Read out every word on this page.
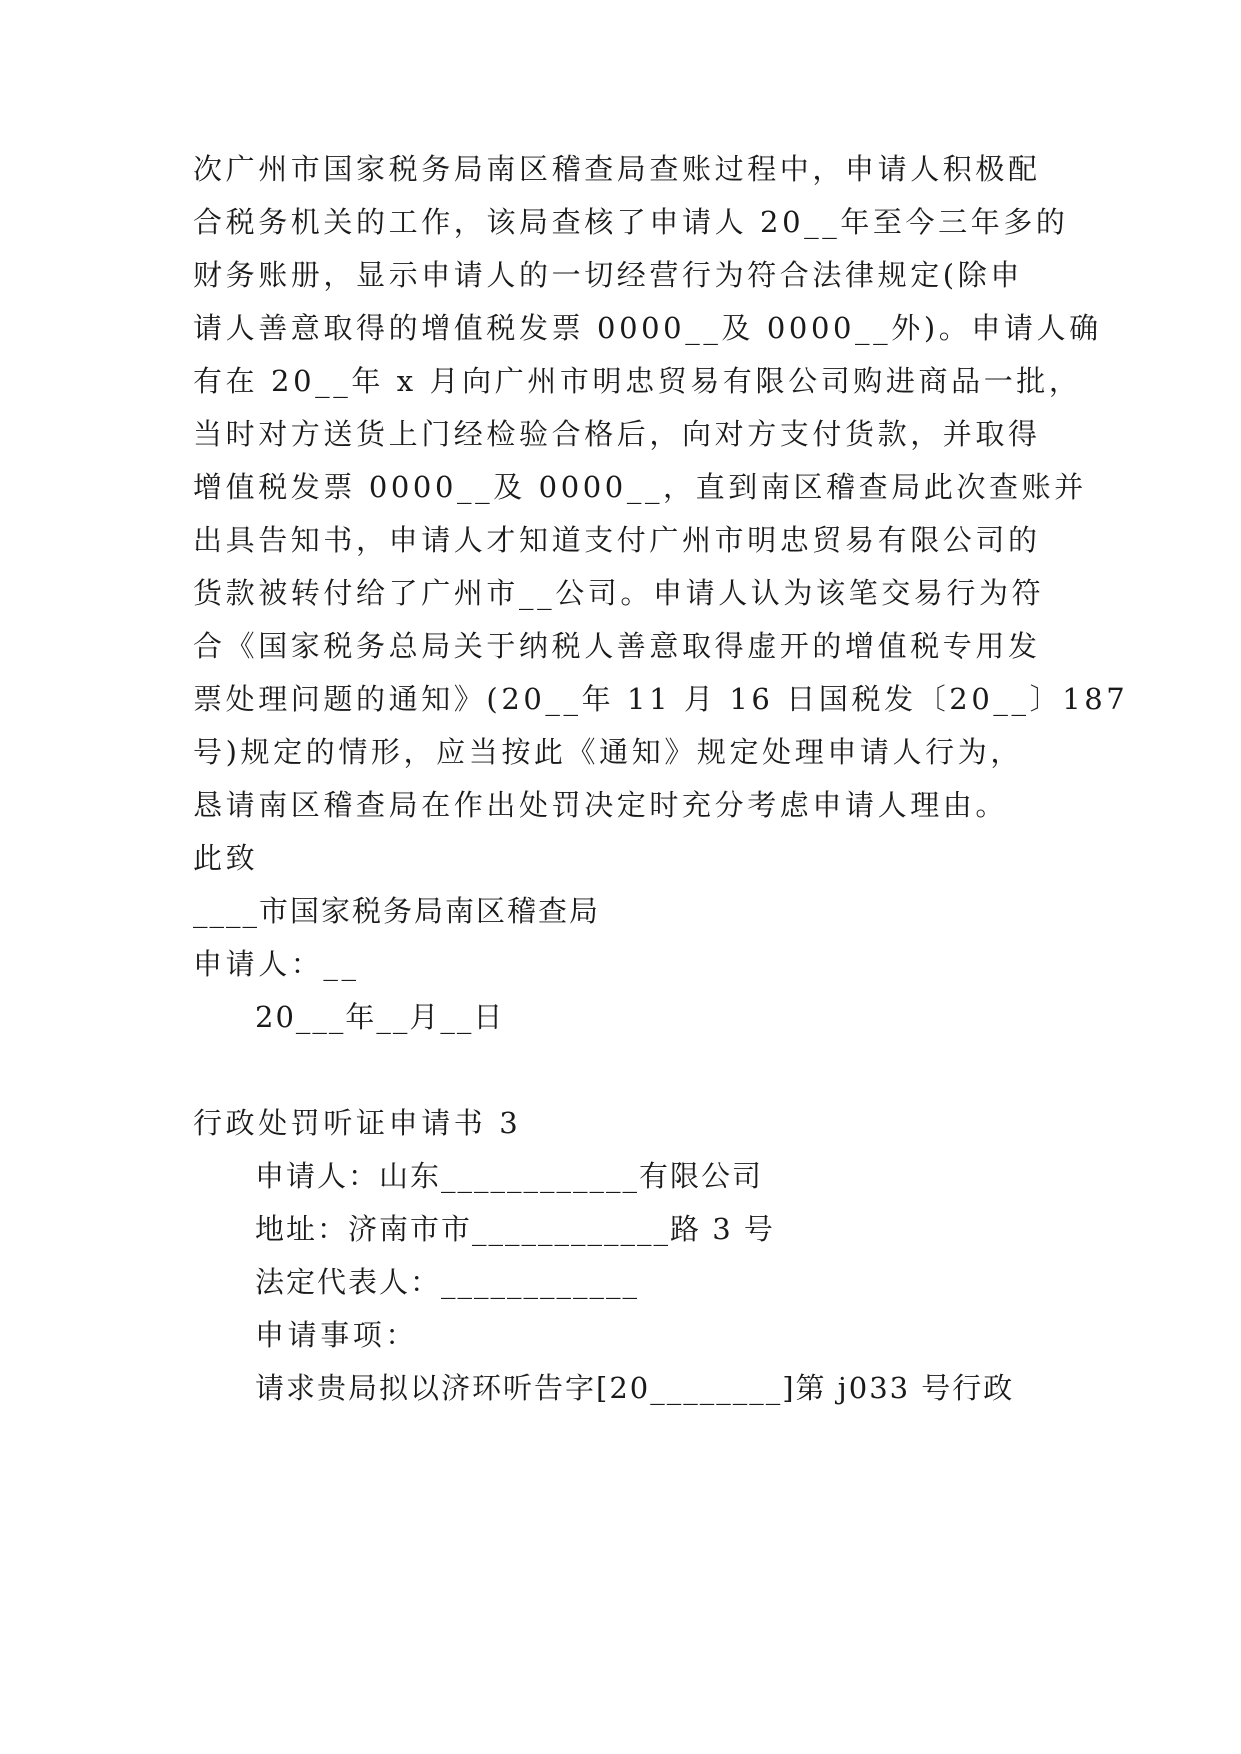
次广州市国家税务局南区稽查局查账过程中，申请人积极配
合税务机关的工作，该局查核了申请人 20__年至今三年多的
财务账册，显示申请人的一切经营行为符合法律规定(除申
请人善意取得的增值税发票 0000__及 0000__外)。申请人确
有在 20__年 x 月向广州市明忠贸易有限公司购进商品一批，
当时对方送货上门经检验合格后，向对方支付货款，并取得
增值税发票 0000__及 0000__，直到南区稽查局此次查账并
出具告知书，申请人才知道支付广州市明忠贸易有限公司的
货款被转付给了广州市__公司。申请人认为该笔交易行为符
合《国家税务总局关于纳税人善意取得虚开的增值税专用发
票处理问题的通知》(20__年 11 月 16 日国税发〔20__〕187
号)规定的情形，应当按此《通知》规定处理申请人行为，
恳请南区稽查局在作出处罚决定时充分考虑申请人理由。
此致
____市国家税务局南区稽查局
申请人：__
20___年__月__日
行政处罚听证申请书 3
申请人：山东____________有限公司
地址：济南市市____________路 3 号
法定代表人：____________
申请事项：
请求贵局拟以济环听告字[20________]第 j033 号行政
